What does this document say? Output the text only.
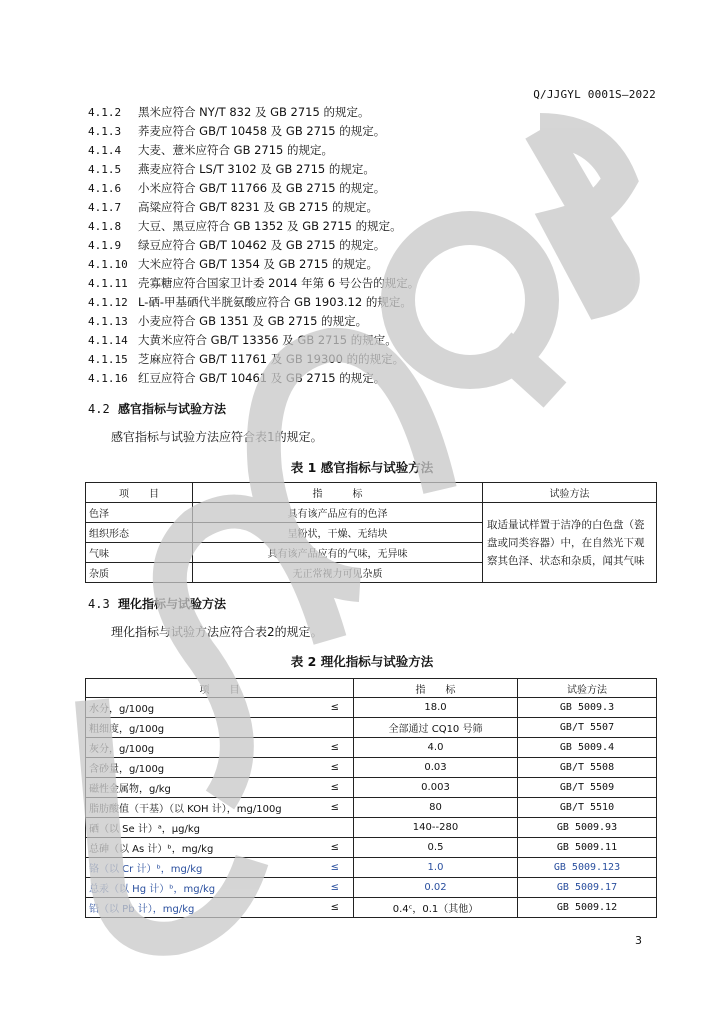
Q/JJGYL 0001S—2022
4.1.2 黑米应符合 NY/T 832 及 GB 2715 的规定。
4.1.3 荞麦应符合 GB/T 10458 及 GB 2715 的规定。
4.1.4 大麦、薏米应符合 GB 2715 的规定。
4.1.5 燕麦应符合 LS/T 3102 及 GB 2715 的规定。
4.1.6 小米应符合 GB/T 11766 及 GB 2715 的规定。
4.1.7 高粱应符合 GB/T 8231 及 GB 2715 的规定。
4.1.8 大豆、黑豆应符合 GB 1352 及 GB 2715 的规定。
4.1.9 绿豆应符合 GB/T 10462 及 GB 2715 的规定。
4.1.10 大米应符合 GB/T 1354 及 GB 2715 的规定。
4.1.11 壳寡糖应符合国家卫计委 2014 年第 6 号公告的规定。
4.1.12 L-硒-甲基硒代半胱氨酸应符合 GB 1903.12 的规定。
4.1.13 小麦应符合 GB 1351 及 GB 2715 的规定。
4.1.14 大黄米应符合 GB/T 13356 及 GB 2715 的规定。
4.1.15 芝麻应符合 GB/T 11761 及 GB 19300 的的规定。
4.1.16 红豆应符合 GB/T 10461 及 GB 2715 的规定。
4.2 感官指标与试验方法
感官指标与试验方法应符合表1的规定。
表 1 感官指标与试验方法
项　　目	指　　　标	试验方法
色泽	具有该产品应有的色泽	取适量试样置于洁净的白色盘（瓷盘或同类容器）中，在自然光下观察其色泽、状态和杂质，闻其气味
组织形态	呈粉状，干燥、无结块	
气味	具有该产品应有的气味，无异味	
杂质	无正常视力可见杂质	
4.3 理化指标与试验方法
理化指标与试验方法应符合表2的规定。
表 2 理化指标与试验方法
项　　目		指　　标	试验方法
水分，g/100g	≤	18.0	GB 5009.3
粗细度，g/100g		全部通过 CQ10 号筛	GB/T 5507
灰分，g/100g	≤	4.0	GB 5009.4
含砂量，g/100g	≤	0.03	GB/T 5508
磁性金属物，g/kg	≤	0.003	GB/T 5509
脂肪酸值（干基）（以 KOH 计），mg/100g	≤	80	GB/T 5510
硒（以 Se 计）ᵃ，μg/kg		140--280	GB 5009.93
总砷（以 As 计）ᵇ，mg/kg	≤	0.5	GB 5009.11
铬（以 Cr 计）ᵇ，mg/kg	≤	1.0	GB 5009.123
总汞（以 Hg 计）ᵇ，mg/kg	≤	0.02	GB 5009.17
铅（以 Pb 计），mg/kg	≤	0.4ᶜ，0.1（其他）	GB 5009.12
3
